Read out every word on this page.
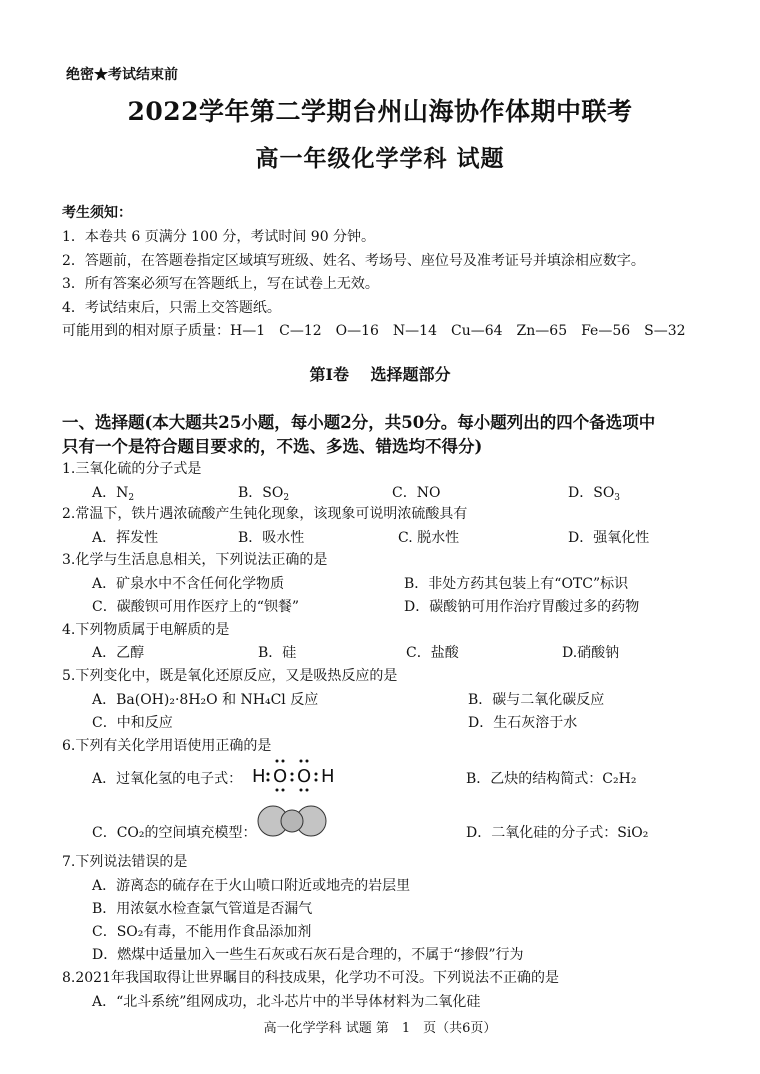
绝密★考试结束前
2022学年第二学期台州山海协作体期中联考
高一年级化学学科 试题
考生须知：
1．本卷共 6 页满分 100 分，考试时间 90 分钟。
2．答题前，在答题卷指定区域填写班级、姓名、考场号、座位号及准考证号并填涂相应数字。
3．所有答案必须写在答题纸上，写在试卷上无效。
4．考试结束后，只需上交答题纸。
可能用到的相对原子质量：H—1　C—12　O—16　N—14　Cu—64　Zn—65　Fe—56　S—32
第Ⅰ卷　 选择题部分
一、选择题(本大题共25小题，每小题2分，共50分。每小题列出的四个备选项中
只有一个是符合题目要求的，不选、多选、错选均不得分)
1.三氧化硫的分子式是
A．$N_2$	B．$SO_2$	C．NO	D．$SO_3$
2.常温下，铁片遇浓硫酸产生钝化现象，该现象可说明浓硫酸具有
A．挥发性	B．吸水性	C. 脱水性	D．强氧化性
3.化学与生活息息相关，下列说法正确的是
A．矿泉水中不含任何化学物质	B．非处方药其包装上有“OTC”标识
C．碳酸钡可用作医疗上的“钡餐”	D．碳酸钠可用作治疗胃酸过多的药物
4.下列物质属于电解质的是
A．乙醇	B．硅	C．盐酸	D.硝酸钠
5.下列变化中，既是氧化还原反应，又是吸热反应的是
A．Ba(OH)₂·8H₂O 和 NH₄Cl 反应	B．碳与二氧化碳反应
C．中和反应	D．生石灰溶于水
6.下列有关化学用语使用正确的是
A．过氧化氢的电子式： H O O H	B．乙炔的结构简式：C₂H₂
C．CO₂的空间填充模型：	D．二氧化硅的分子式：SiO₂
7.下列说法错误的是
A．游离态的硫存在于火山喷口附近或地壳的岩层里
B．用浓氨水检查氯气管道是否漏气
C．SO₂有毒，不能用作食品添加剂
D．燃煤中适量加入一些生石灰或石灰石是合理的，不属于“掺假”行为
8.2021年我国取得让世界瞩目的科技成果，化学功不可没。下列说法不正确的是
A．“北斗系统”组网成功，北斗芯片中的半导体材料为二氧化硅
高一化学学科 试题 第　1　页（共6页）
